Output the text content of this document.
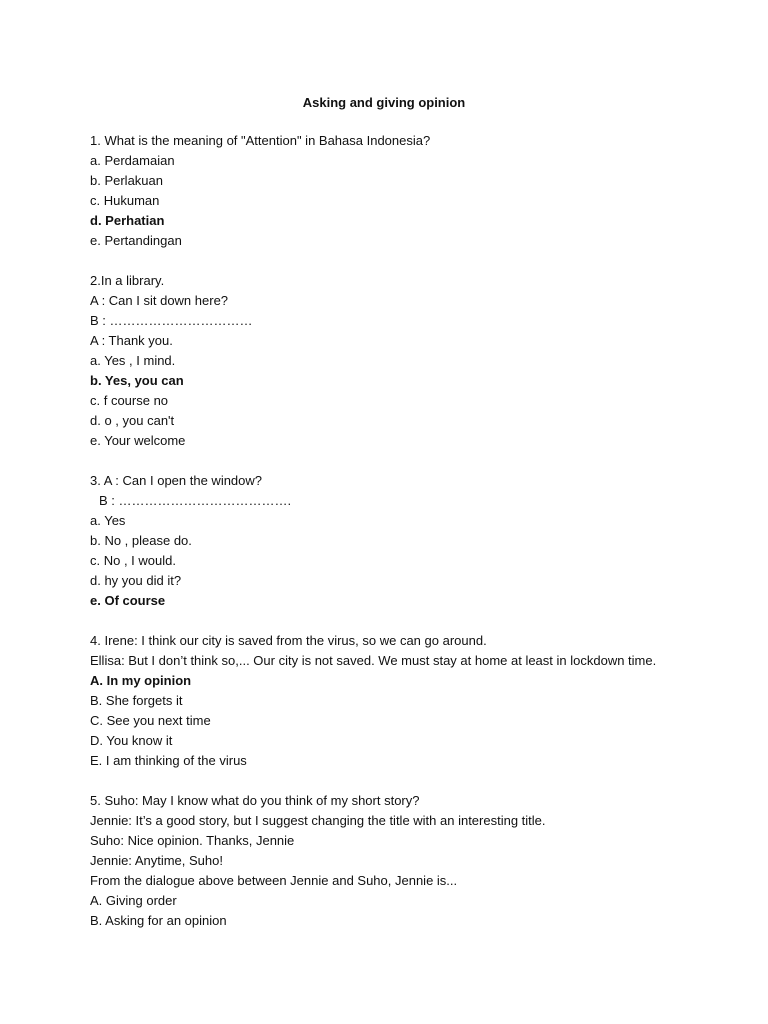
Asking and giving opinion
1. What is the meaning of "Attention" in Bahasa Indonesia?
a. Perdamaian
b. Perlakuan
c. Hukuman
d. Perhatian
e. Pertandingan
2.In a library.
A : Can I sit down here?
B : ……………………………
A : Thank you.
a. Yes , I mind.
b. Yes, you can
c. f course no
d. o , you can't
e. Your welcome
3. A : Can I open the window?
B : ………………………………….
a. Yes
b. No , please do.
c. No , I would.
d. hy you did it?
e. Of course
4. Irene: I think our city is saved from the virus, so we can go around.
Ellisa: But I don’t think so,... Our city is not saved. We must stay at home at least in lockdown time.
A. In my opinion
B. She forgets it
C. See you next time
D. You know it
E. I am thinking of the virus
5. Suho: May I know what do you think of my short story?
Jennie: It’s a good story, but I suggest changing the title with an interesting title.
Suho: Nice opinion. Thanks, Jennie
Jennie: Anytime, Suho!
From the dialogue above between Jennie and Suho, Jennie is...
A. Giving order
B. Asking for an opinion
